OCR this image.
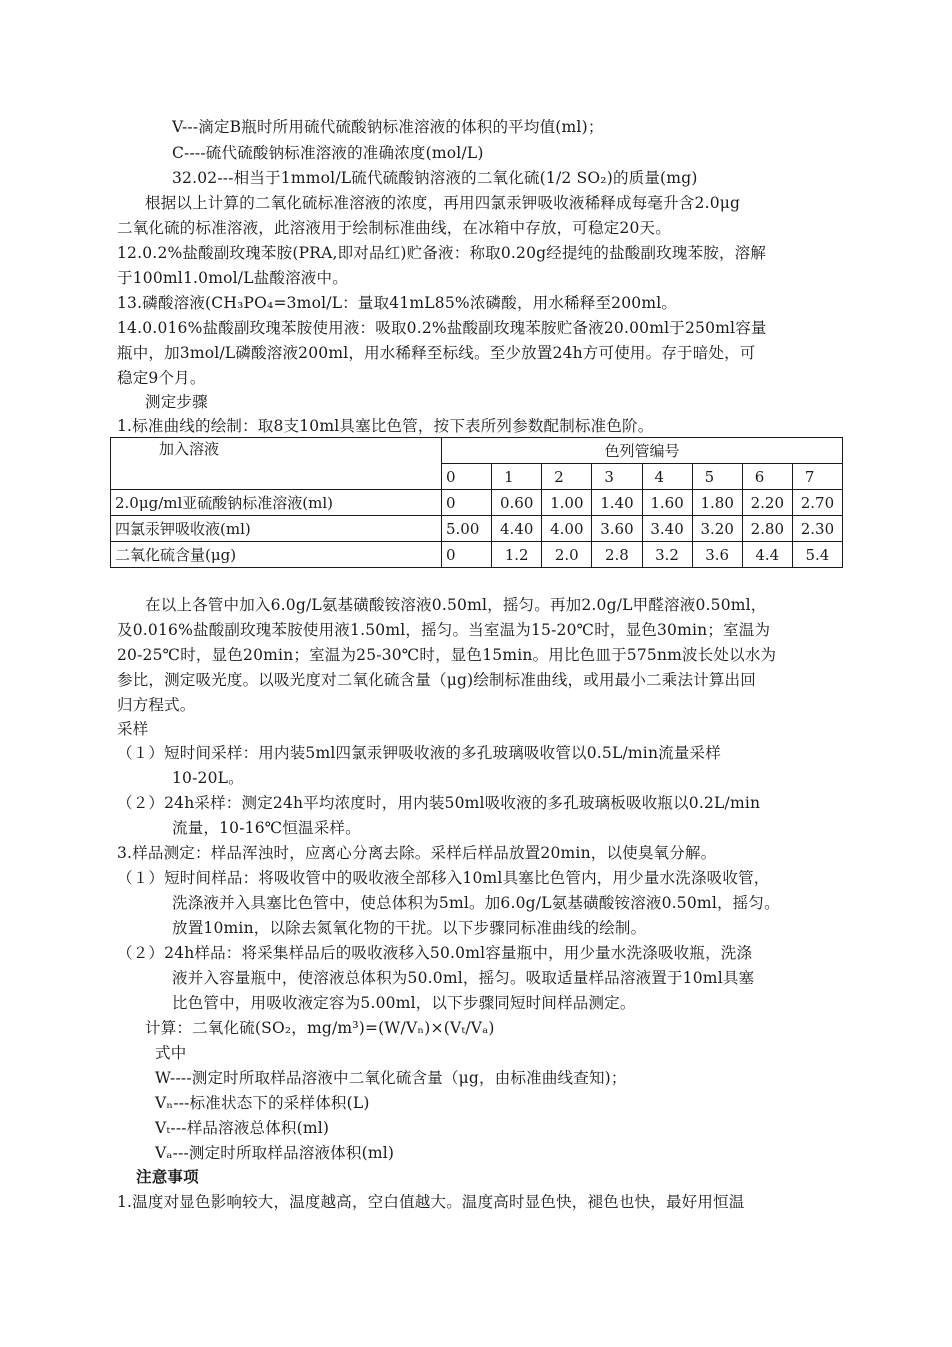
V---滴定B瓶时所用硫代硫酸钠标准溶液的体积的平均值(ml)；
C----硫代硫酸钠标准溶液的准确浓度(mol/L)
32.02---相当于1mmol/L硫代硫酸钠溶液的二氧化硫(1/2 SO₂)的质量(mg)
根据以上计算的二氧化硫标准溶液的浓度，再用四氯汞钾吸收液稀释成每毫升含2.0μg
二氧化硫的标准溶液，此溶液用于绘制标准曲线，在冰箱中存放，可稳定20天。
12.0.2%盐酸副玫瑰苯胺(PRA,即对品红)贮备液：称取0.20g经提纯的盐酸副玫瑰苯胺，溶解
于100ml1.0mol/L盐酸溶液中。
13.磷酸溶液(CH₃PO₄=3mol/L：量取41mL85%浓磷酸，用水稀释至200ml。
14.0.016%盐酸副玫瑰苯胺使用液：吸取0.2%盐酸副玫瑰苯胺贮备液20.00ml于250ml容量
瓶中，加3mol/L磷酸溶液200ml，用水稀释至标线。至少放置24h方可使用。存于暗处，可
稳定9个月。
测定步骤
1.标准曲线的绘制：取8支10ml具塞比色管，按下表所列参数配制标准色阶。
加入溶液	色列管编号							
	0	1	2	3	4	5	6	7
2.0μg/ml亚硫酸钠标准溶液(ml)	0	0.60	1.00	1.40	1.60	1.80	2.20	2.70
四氯汞钾吸收液(ml)	5.00	4.40	4.00	3.60	3.40	3.20	2.80	2.30
二氧化硫含量(μg)	0	1.2	2.0	2.8	3.2	3.6	4.4	5.4
在以上各管中加入6.0g/L氨基磺酸铵溶液0.50ml，摇匀。再加2.0g/L甲醛溶液0.50ml，
及0.016%盐酸副玫瑰苯胺使用液1.50ml，摇匀。当室温为15-20℃时，显色30min；室温为
20-25℃时，显色20min；室温为25-30℃时，显色15min。用比色皿于575nm波长处以水为
参比，测定吸光度。以吸光度对二氧化硫含量（μg)绘制标准曲线，或用最小二乘法计算出回
归方程式。
采样
（１）短时间采样：用内装5ml四氯汞钾吸收液的多孔玻璃吸收管以0.5L/min流量采样
10-20L。
（２）24h采样：测定24h平均浓度时，用内装50ml吸收液的多孔玻璃板吸收瓶以0.2L/min
流量，10-16℃恒温采样。
3.样品测定：样品浑浊时，应离心分离去除。采样后样品放置20min，以使臭氧分解。
（１）短时间样品：将吸收管中的吸收液全部移入10ml具塞比色管内，用少量水洗涤吸收管，
洗涤液并入具塞比色管中，使总体积为5ml。加6.0g/L氨基磺酸铵溶液0.50ml，摇匀。
放置10min，以除去氮氧化物的干扰。以下步骤同标准曲线的绘制。
（２）24h样品：将采集样品后的吸收液移入50.0ml容量瓶中，用少量水洗涤吸收瓶，洗涤
液并入容量瓶中，使溶液总体积为50.0ml，摇匀。吸取适量样品溶液置于10ml具塞
比色管中，用吸收液定容为5.00ml，以下步骤同短时间样品测定。
计算：二氧化硫(SO₂，mg/m³)=(W/Vₙ)×(Vₜ/Vₐ)
式中
W----测定时所取样品溶液中二氧化硫含量（μg，由标准曲线查知)；
Vₙ---标准状态下的采样体积(L)
Vₜ---样品溶液总体积(ml)
Vₐ---测定时所取样品溶液体积(ml)
注意事项
1.温度对显色影响较大，温度越高，空白值越大。温度高时显色快，褪色也快，最好用恒温
